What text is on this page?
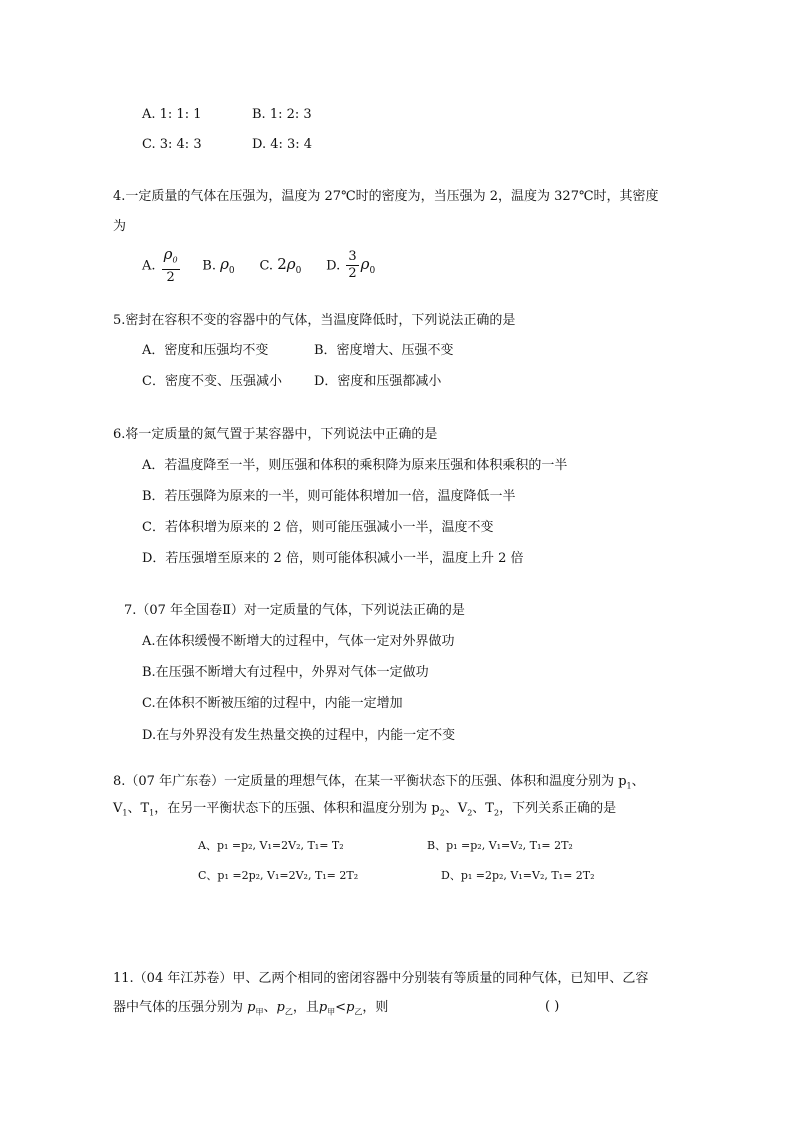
A. 1: 1: 1	B. 1: 2: 3
C. 3: 4: 3	D. 4: 3: 4
4.一定质量的气体在压强为，温度为 27℃时的密度为，当压强为 2，温度为 327℃时，其密度
为
A. $\frac{\rho_0}{2} B$. $\rho_0$ C. $2\rho_0$ D. $\frac{3}{2} \rho_0$
5.密封在容积不变的容器中的气体，当温度降低时，下列说法正确的是
A．密度和压强均不变	B．密度增大、压强不变
C．密度不变、压强减小 D．密度和压强都减小
6.将一定质量的氮气置于某容器中，下列说法中正确的是
A．若温度降至一半，则压强和体积的乘积降为原来压强和体积乘积的一半
B．若压强降为原来的一半，则可能体积增加一倍，温度降低一半
C．若体积增为原来的 2 倍，则可能压强减小一半，温度不变
D．若压强增至原来的 2 倍，则可能体积减小一半，温度上升 2 倍
7.（07 年全国卷Ⅱ）对一定质量的气体，下列说法正确的是
A.在体积缓慢不断增大的过程中，气体一定对外界做功
B.在压强不断增大有过程中，外界对气体一定做功
C.在体积不断被压缩的过程中，内能一定增加
D.在与外界没有发生热量交换的过程中，内能一定不变
8.（07 年广东卷）一定质量的理想气体，在某一平衡状态下的压强、体积和温度分别为 $p_1$、
$V_1$、$T_1$，在另一平衡状态下的压强、体积和温度分别为 $p_2$、$V_2$、$T_2$，下列关系正确的是
A、p₁ =p₂, V₁=2V₂, T₁= T₂	B、p₁ =p₂, V₁=V₂, T₁= 2T₂
C、p₁ =2p₂, V₁=2V₂, T₁= 2T₂	D、p₁ =2p₂, V₁=V₂, T₁= 2T₂
11.（04 年江苏卷）甲、乙两个相同的密闭容器中分别装有等质量的同种气体，已知甲、乙容
器中气体的压强分别为 $p_甲$、$p_乙$，且$p_甲<p_乙$，则	( )
